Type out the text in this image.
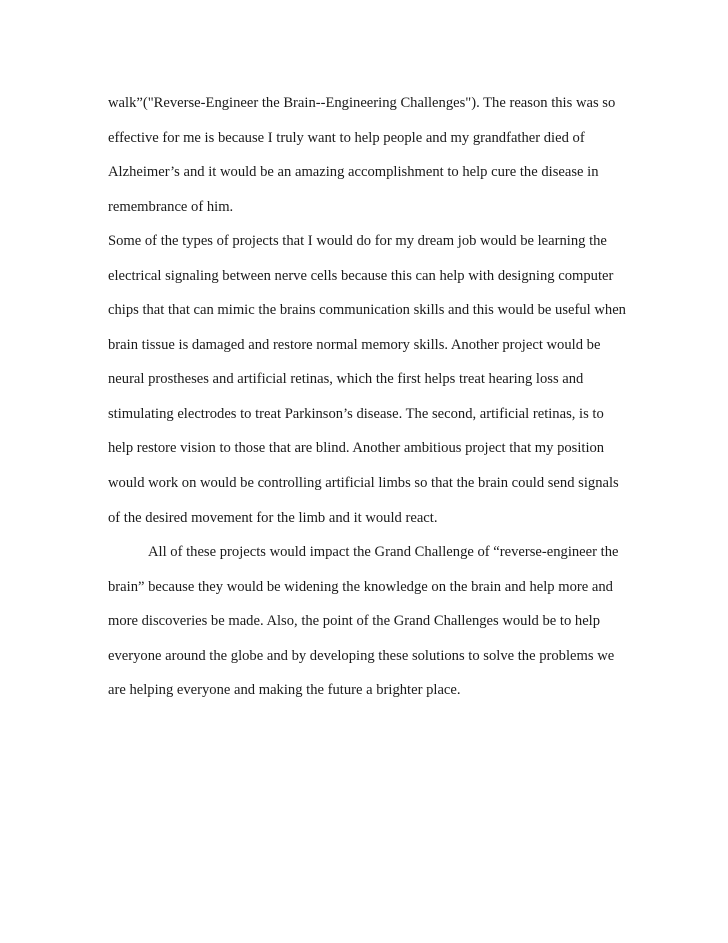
walk”("Reverse-Engineer the Brain--Engineering Challenges"). The reason this was so
effective for me is because I truly want to help people and my grandfather died of
Alzheimer’s and it would be an amazing accomplishment to help cure the disease in
remembrance of him.
Some of the types of projects that I would do for my dream job would be learning the
electrical signaling between nerve cells because this can help with designing computer
chips that that can mimic the brains communication skills and this would be useful when
brain tissue is damaged and restore normal memory skills. Another project would be
neural prostheses and artificial retinas, which the first helps treat hearing loss and
stimulating electrodes to treat Parkinson’s disease. The second, artificial retinas, is to
help restore vision to those that are blind. Another ambitious project that my position
would work on would be controlling artificial limbs so that the brain could send signals
of the desired movement for the limb and it would react.
All of these projects would impact the Grand Challenge of “reverse-engineer the
brain” because they would be widening the knowledge on the brain and help more and
more discoveries be made. Also, the point of the Grand Challenges would be to help
everyone around the globe and by developing these solutions to solve the problems we
are helping everyone and making the future a brighter place.
